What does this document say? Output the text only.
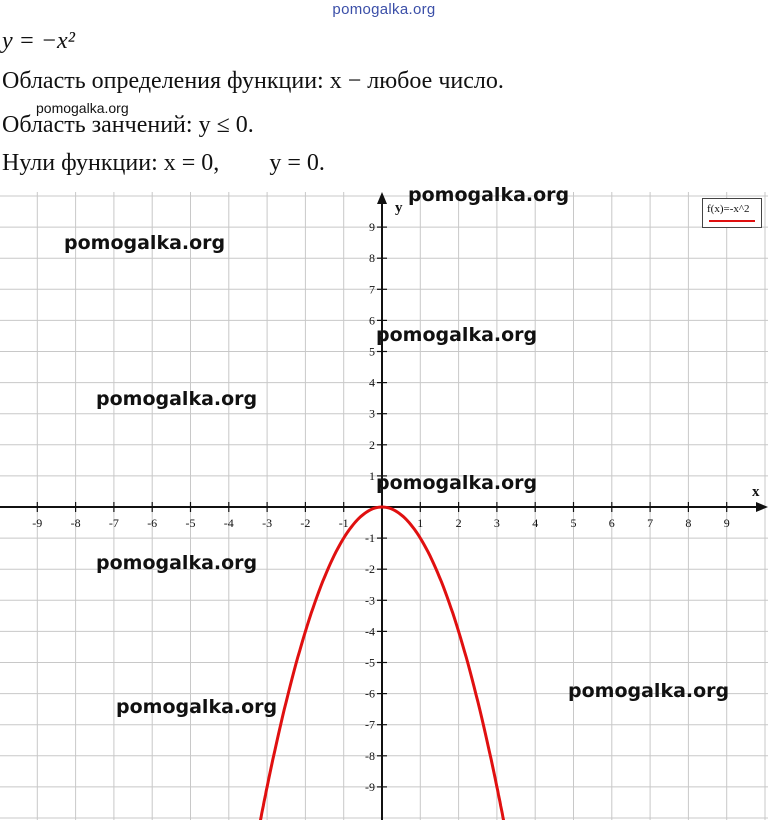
pomogalka.org
y = −x²
Область определения функции: x − любое число.
Область занчений: y ≤ 0.
pomogalka.org
Нули функции: x = 0, y = 0.
x
y
-9 -8 -7 -6 -5 -4 -3 -2 -1	1	2	3	4	5	6	7	8	9
9
8
7
6
5
4
3
2
1
-1
-2
-3
-4
-5
-6
-7
-8
-9
f(x)=-x^2
pomogalka.org
pomogalka.org
pomogalka.org
pomogalka.org
pomogalka.org
pomogalka.org
pomogalka.org
pomogalka.org
